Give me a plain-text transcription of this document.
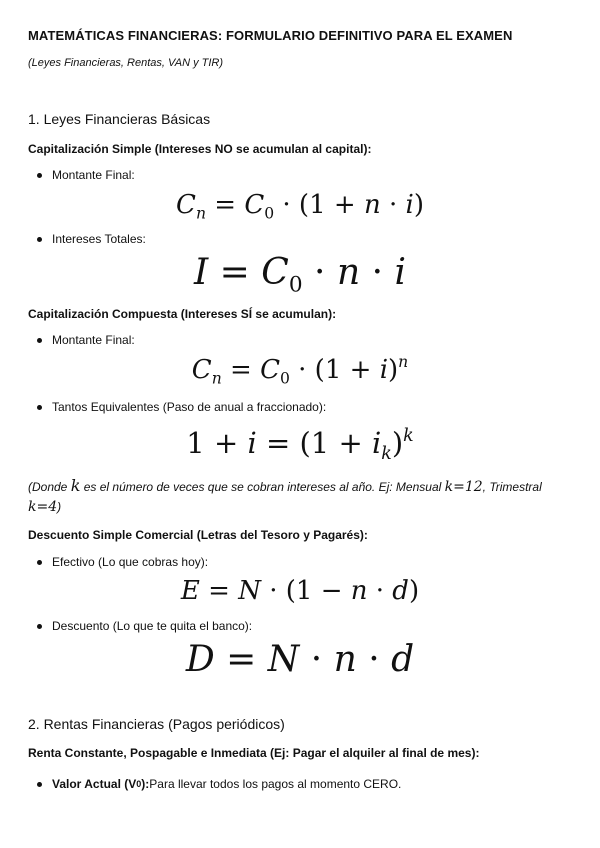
MATEMÁTICAS FINANCIERAS: FORMULARIO DEFINITIVO PARA EL EXAMEN
(Leyes Financieras, Rentas, VAN y TIR)
1. Leyes Financieras Básicas
Capitalización Simple (Intereses NO se acumulan al capital):
Montante Final:
$C_n = C_0 \cdot (1 + n \cdot i)$
Intereses Totales:
$I = C_0 \cdot n \cdot i$
Capitalización Compuesta (Intereses SÍ se acumulan):
Montante Final:
$C_n = C_0 \cdot (1 + i)^n$
Tantos Equivalentes (Paso de anual a fraccionado):
$1 + i = (1 + i_k)^k$
(Donde k es el número de veces que se cobran intereses al año. Ej: Mensual k=12, Trimestral k=4)
Descuento Simple Comercial (Letras del Tesoro y Pagarés):
Efectivo (Lo que cobras hoy):
E = N · (1 − n · d)
Descuento (Lo que te quita el banco):
D = N · n · d
2. Rentas Financieras (Pagos periódicos)
Renta Constante, Pospagable e Inmediata (Ej: Pagar el alquiler al final de mes):
Valor Actual (V 0 ): Para llevar todos los pagos al momento CERO.
